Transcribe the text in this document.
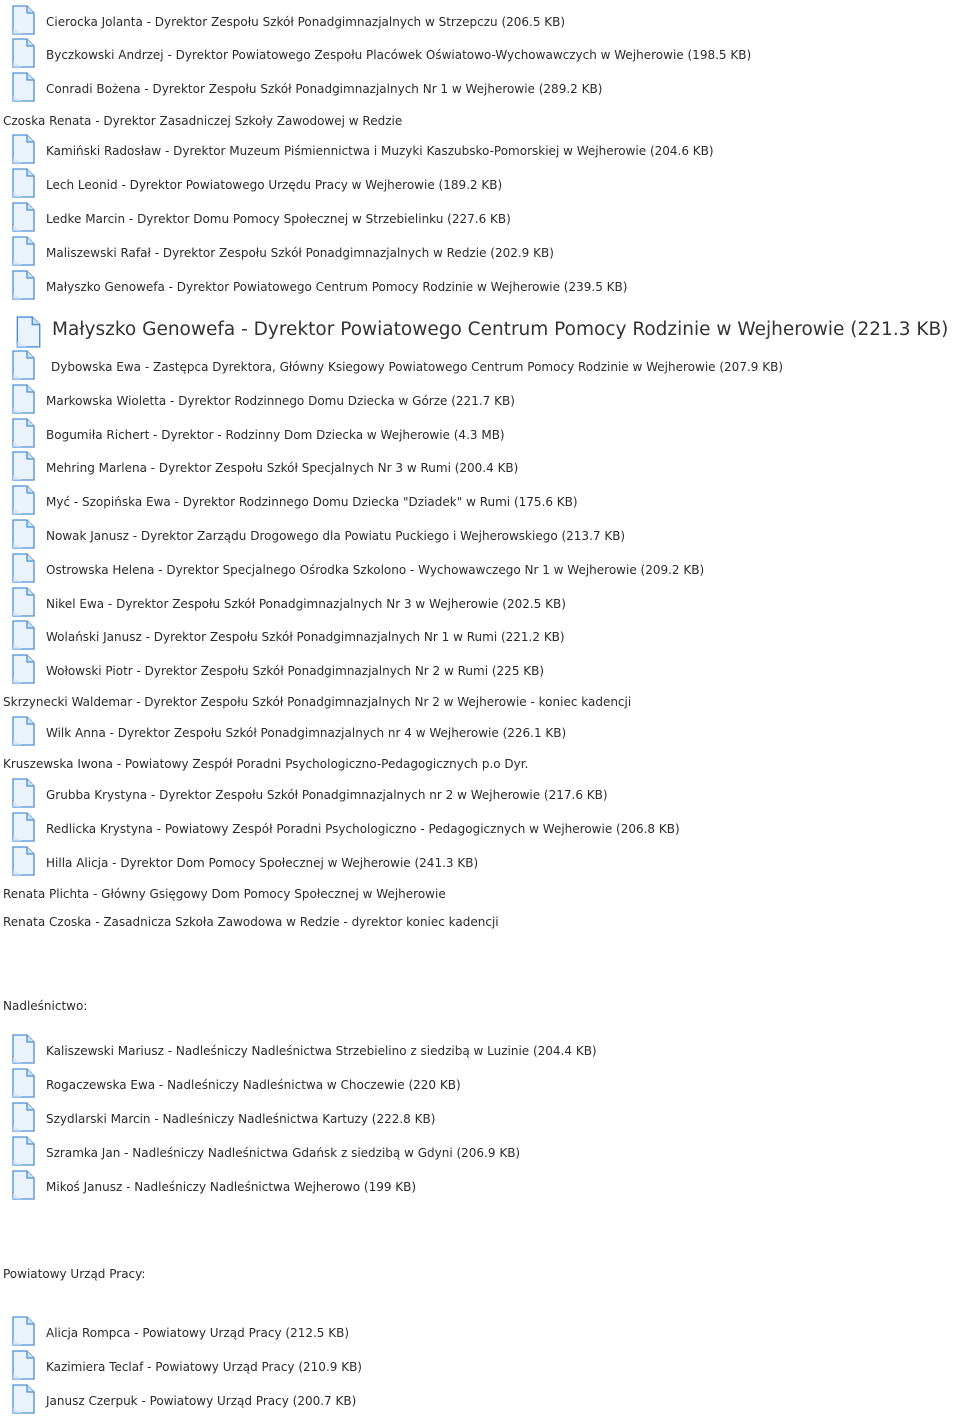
Cierocka Jolanta - Dyrektor Zespołu Szkół Ponadgimnazjalnych w Strzepczu (206.5 KB)
Byczkowski Andrzej - Dyrektor Powiatowego Zespołu Placówek Oświatowo-Wychowawczych w Wejherowie (198.5 KB)
Conradi Bożena - Dyrektor Zespołu Szkół Ponadgimnazjalnych Nr 1 w Wejherowie (289.2 KB)
Czoska Renata - Dyrektor Zasadniczej Szkoły Zawodowej w Redzie
Kamiński Radosław - Dyrektor Muzeum Piśmiennictwa i Muzyki Kaszubsko-Pomorskiej w Wejherowie (204.6 KB)
Lech Leonid - Dyrektor Powiatowego Urzędu Pracy w Wejherowie (189.2 KB)
Ledke Marcin - Dyrektor Domu Pomocy Społecznej w Strzebielinku (227.6 KB)
Maliszewski Rafał - Dyrektor Zespołu Szkół Ponadgimnazjalnych w Redzie (202.9 KB)
Małyszko Genowefa - Dyrektor Powiatowego Centrum Pomocy Rodzinie w Wejherowie (239.5 KB)
Małyszko Genowefa - Dyrektor Powiatowego Centrum Pomocy Rodzinie w Wejherowie (221.3 KB)
Dybowska Ewa - Zastępca Dyrektora, Główny Ksiegowy Powiatowego Centrum Pomocy Rodzinie w Wejherowie (207.9 KB)
Markowska Wioletta - Dyrektor Rodzinnego Domu Dziecka w Górze (221.7 KB)
Bogumiła Richert - Dyrektor - Rodzinny Dom Dziecka w Wejherowie (4.3 MB)
Mehring Marlena - Dyrektor Zespołu Szkół Specjalnych Nr 3 w Rumi (200.4 KB)
Myć - Szopińska Ewa - Dyrektor Rodzinnego Domu Dziecka "Dziadek" w Rumi (175.6 KB)
Nowak Janusz - Dyrektor Zarządu Drogowego dla Powiatu Puckiego i Wejherowskiego (213.7 KB)
Ostrowska Helena - Dyrektor Specjalnego Ośrodka Szkolono - Wychowawczego Nr 1 w Wejherowie (209.2 KB)
Nikel Ewa - Dyrektor Zespołu Szkół Ponadgimnazjalnych Nr 3 w Wejherowie (202.5 KB)
Wolański Janusz - Dyrektor Zespołu Szkół Ponadgimnazjalnych Nr 1 w Rumi (221.2 KB)
Wołowski Piotr - Dyrektor Zespołu Szkół Ponadgimnazjalnych Nr 2 w Rumi (225 KB)
Skrzynecki Waldemar - Dyrektor Zespołu Szkół Ponadgimnazjalnych Nr 2 w Wejherowie - koniec kadencji
Wilk Anna - Dyrektor Zespołu Szkół Ponadgimnazjalnych nr 4 w Wejherowie (226.1 KB)
Kruszewska Iwona - Powiatowy Zespół Poradni Psychologiczno-Pedagogicznych p.o Dyr.
Grubba Krystyna - Dyrektor Zespołu Szkół Ponadgimnazjalnych nr 2 w Wejherowie (217.6 KB)
Redlicka Krystyna - Powiatowy Zespół Poradni Psychologiczno - Pedagogicznych w Wejherowie (206.8 KB)
Hilla Alicja - Dyrektor Dom Pomocy Społecznej w Wejherowie (241.3 KB)
Renata Plichta - Główny Gsięgowy Dom Pomocy Społecznej w Wejherowie
Renata Czoska - Zasadnicza Szkoła Zawodowa w Redzie - dyrektor koniec kadencji
Nadleśnictwo:
Kaliszewski Mariusz - Nadleśniczy Nadleśnictwa Strzebielino z siedzibą w Luzinie (204.4 KB)
Rogaczewska Ewa - Nadleśniczy Nadleśnictwa w Choczewie (220 KB)
Szydlarski Marcin - Nadleśniczy Nadleśnictwa Kartuzy (222.8 KB)
Szramka Jan - Nadleśniczy Nadleśnictwa Gdańsk z siedzibą w Gdyni (206.9 KB)
Mikoś Janusz - Nadleśniczy Nadleśnictwa Wejherowo (199 KB)
Powiatowy Urząd Pracy:
Alicja Rompca - Powiatowy Urząd Pracy (212.5 KB)
Kazimiera Teclaf - Powiatowy Urząd Pracy (210.9 KB)
Janusz Czerpuk - Powiatowy Urząd Pracy (200.7 KB)
